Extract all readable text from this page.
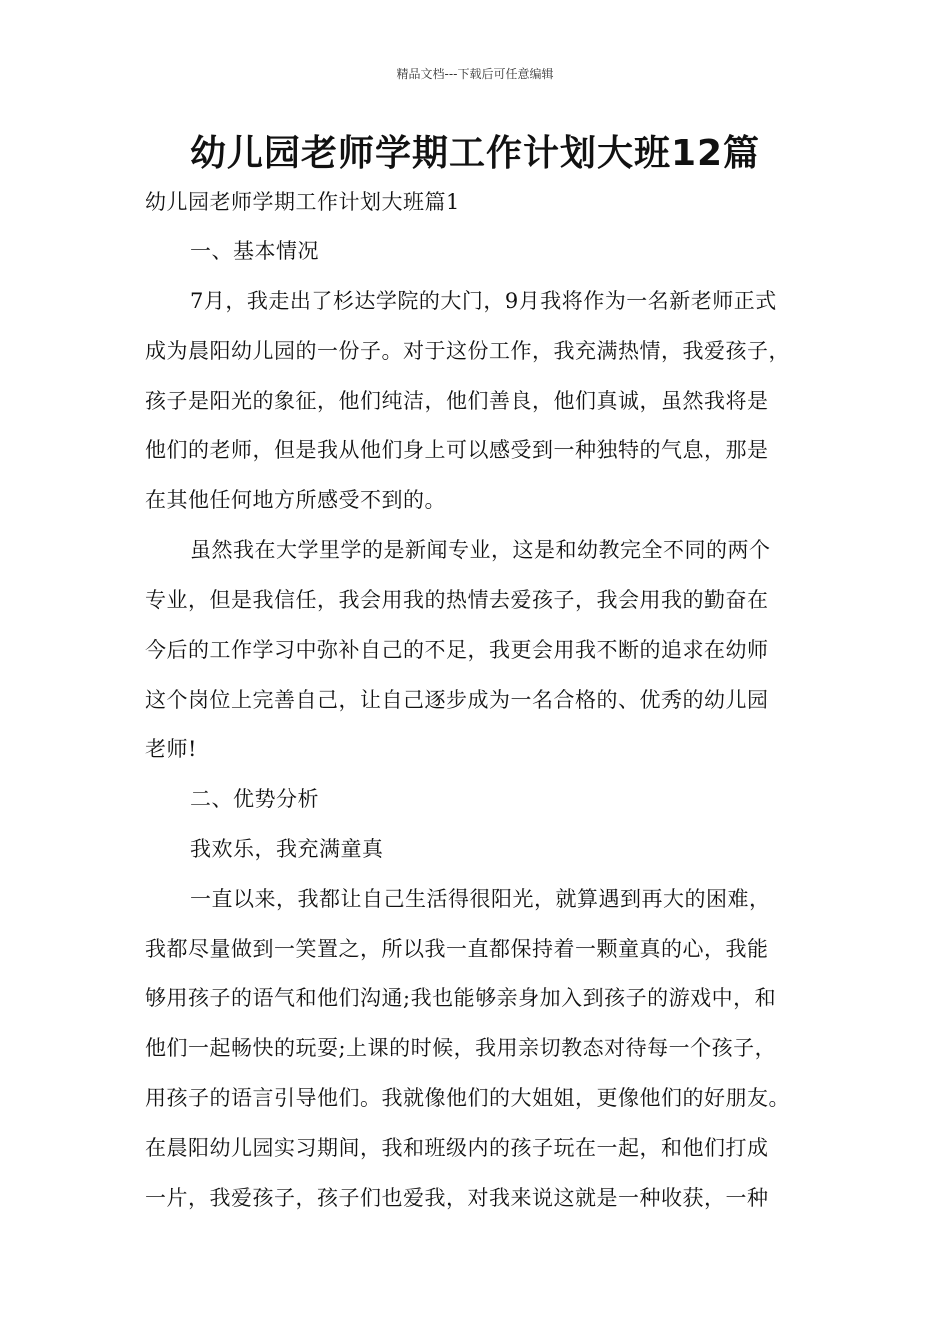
精品文档---下载后可任意编辑
幼儿园老师学期工作计划大班12篇
幼儿园老师学期工作计划大班篇1
一、基本情况
7月，我走出了杉达学院的大门，9月我将作为一名新老师正式
成为晨阳幼儿园的一份子。对于这份工作，我充满热情，我爱孩子，
孩子是阳光的象征，他们纯洁，他们善良，他们真诚，虽然我将是
他们的老师，但是我从他们身上可以感受到一种独特的气息，那是
在其他任何地方所感受不到的。
虽然我在大学里学的是新闻专业，这是和幼教完全不同的两个
专业，但是我信任，我会用我的热情去爱孩子，我会用我的勤奋在
今后的工作学习中弥补自己的不足，我更会用我不断的追求在幼师
这个岗位上完善自己，让自己逐步成为一名合格的、优秀的幼儿园
老师!
二、优势分析
我欢乐，我充满童真
一直以来，我都让自己生活得很阳光，就算遇到再大的困难，
我都尽量做到一笑置之，所以我一直都保持着一颗童真的心，我能
够用孩子的语气和他们沟通;我也能够亲身加入到孩子的游戏中，和
他们一起畅快的玩耍;上课的时候，我用亲切教态对待每一个孩子，
用孩子的语言引导他们。我就像他们的大姐姐，更像他们的好朋友。
在晨阳幼儿园实习期间，我和班级内的孩子玩在一起，和他们打成
一片，我爱孩子，孩子们也爱我，对我来说这就是一种收获，一种
